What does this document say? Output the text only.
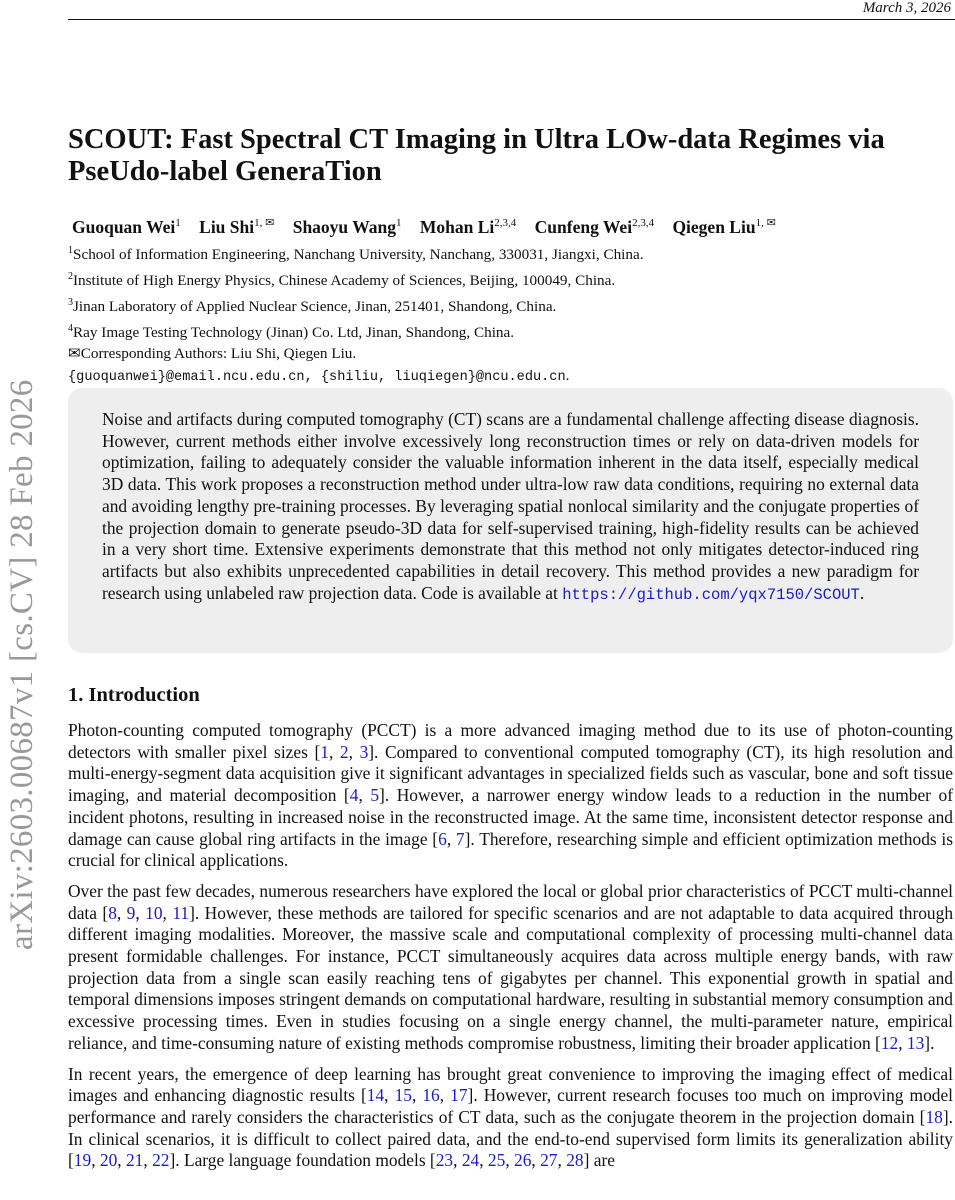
March 3, 2026
arXiv:2603.00687v1 [cs.CV] 28 Feb 2026
SCOUT: Fast Spectral CT Imaging in Ultra LOw-data Regimes via PseUdo-label GeneraTion
Guoquan Wei$^1$ Liu Shi$^{1, ✉}$ Shaoyu Wang$^1$ Mohan Li$^{2,3,4}$ Cunfeng Wei$^{2,3,4}$ Qiegen Liu$^{1, ✉}$
$^1$School of Information Engineering, Nanchang University, Nanchang, 330031, Jiangxi, China.
$^2$Institute of High Energy Physics, Chinese Academy of Sciences, Beijing, 100049, China.
$^3$Jinan Laboratory of Applied Nuclear Science, Jinan, 251401, Shandong, China.
$^4$Ray Image Testing Technology (Jinan) Co. Ltd, Jinan, Shandong, China.
✉Corresponding Authors: Liu Shi, Qiegen Liu.
{guoquanwei}@email.ncu.edu.cn, {shiliu, liuqiegen}@ncu.edu.cn.

Noise and artifacts during computed tomography (CT) scans are a fundamental challenge affecting disease diagnosis. However, current methods either involve excessively long reconstruction times or rely on data-driven models for optimization, failing to adequately consider the valuable information inherent in the data itself, especially medical 3D data. This work proposes a reconstruction method under ultra-low raw data conditions, requiring no external data and avoiding lengthy pre-training processes. By leveraging spatial nonlocal similarity and the conjugate properties of the projection domain to generate pseudo-3D data for self-supervised training, high-fidelity results can be achieved in a very short time. Extensive experiments demonstrate that this method not only mitigates detector-induced ring artifacts but also exhibits unprecedented capabilities in detail recovery. This method provides a new paradigm for research using unlabeled raw projection data. Code is available at https://github.com/yqx7150/SCOUT.

1. Introduction

Photon-counting computed tomography (PCCT) is a more advanced imaging method due to its use of photon-counting detectors with smaller pixel sizes [1, 2, 3]. Compared to conventional computed tomography (CT), its high resolution and multi-energy-segment data acquisition give it significant advantages in specialized fields such as vascular, bone and soft tissue imaging, and material decomposition [4, 5]. However, a narrower energy window leads to a reduction in the number of incident photons, resulting in increased noise in the reconstructed image. At the same time, inconsistent detector response and damage can cause global ring artifacts in the image [6, 7]. Therefore, researching simple and efficient optimization methods is crucial for clinical applications.

Over the past few decades, numerous researchers have explored the local or global prior characteristics of PCCT multi-channel data [8, 9, 10, 11]. However, these methods are tailored for specific scenarios and are not adaptable to data acquired through different imaging modalities. Moreover, the massive scale and computational complexity of processing multi-channel data present formidable challenges. For instance, PCCT simultaneously acquires data across multiple energy bands, with raw projection data from a single scan easily reaching tens of gigabytes per channel. This exponential growth in spatial and temporal dimensions imposes stringent demands on computational hardware, resulting in substantial memory consumption and excessive processing times. Even in studies focusing on a single energy channel, the multi-parameter nature, empirical reliance, and time-consuming nature of existing methods compromise robustness, limiting their broader application [12, 13].

In recent years, the emergence of deep learning has brought great convenience to improving the imaging effect of medical images and enhancing diagnostic results [14, 15, 16, 17]. However, current research focuses too much on improving model performance and rarely considers the characteristics of CT data, such as the conjugate theorem in the projection domain [18]. In clinical scenarios, it is difficult to collect paired data, and the end-to-end supervised form limits its generalization ability [19, 20, 21, 22]. Large language foundation models [23, 24, 25, 26, 27, 28] are
